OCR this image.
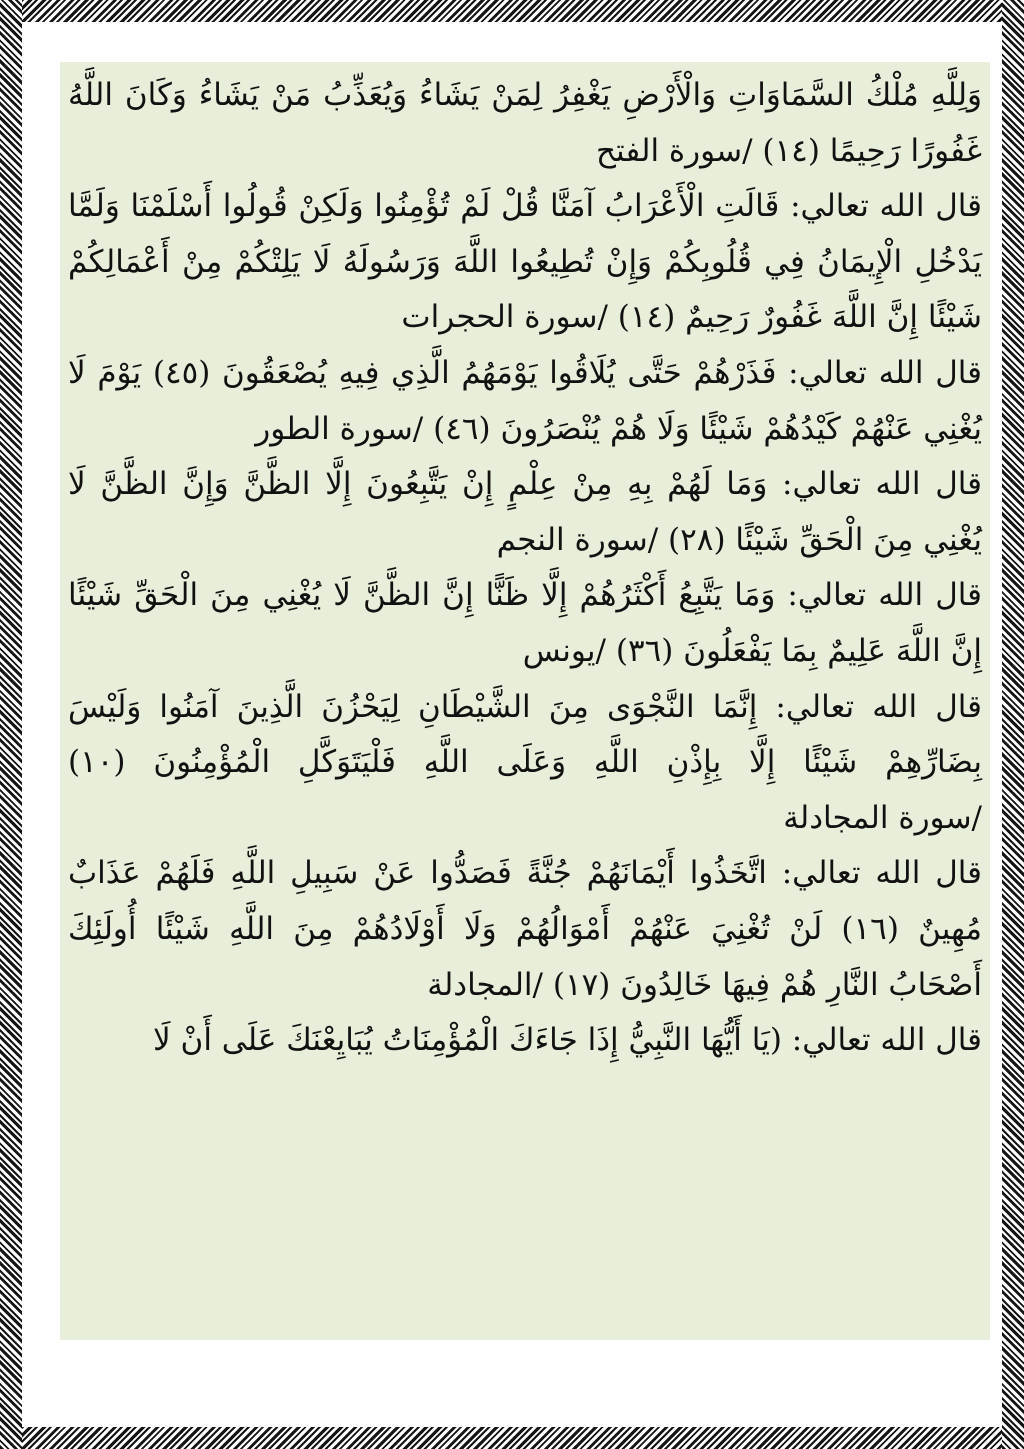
وَلِلَّهِ مُلْكُ السَّمَاوَاتِ وَالْأَرْضِ يَغْفِرُ لِمَنْ يَشَاءُ وَيُعَذِّبُ مَنْ يَشَاءُ وَكَانَ اللَّهُ غَفُورًا رَحِيمًا (١٤) /سورة الفتح

قال الله تعالي: قَالَتِ الْأَعْرَابُ آمَنَّا قُلْ لَمْ تُؤْمِنُوا وَلَكِنْ قُولُوا أَسْلَمْنَا وَلَمَّا يَدْخُلِ الْإِيمَانُ فِي قُلُوبِكُمْ وَإِنْ تُطِيعُوا اللَّهَ وَرَسُولَهُ لَا يَلِتْكُمْ مِنْ أَعْمَالِكُمْ شَيْئًا إِنَّ اللَّهَ غَفُورٌ رَحِيمٌ (١٤) /سورة الحجرات

قال الله تعالي: فَذَرْهُمْ حَتَّى يُلَاقُوا يَوْمَهُمُ الَّذِي فِيهِ يُصْعَقُونَ (٤٥) يَوْمَ لَا يُغْنِي عَنْهُمْ كَيْدُهُمْ شَيْئًا وَلَا هُمْ يُنْصَرُونَ (٤٦) /سورة الطور

قال الله تعالي: وَمَا لَهُمْ بِهِ مِنْ عِلْمٍ إِنْ يَتَّبِعُونَ إِلَّا الظَّنَّ وَإِنَّ الظَّنَّ لَا يُغْنِي مِنَ الْحَقِّ شَيْئًا (٢٨) /سورة النجم

قال الله تعالي: وَمَا يَتَّبِعُ أَكْثَرُهُمْ إِلَّا ظَنًّا إِنَّ الظَّنَّ لَا يُغْنِي مِنَ الْحَقِّ شَيْئًا إِنَّ اللَّهَ عَلِيمٌ بِمَا يَفْعَلُونَ (٣٦) /يونس

قال الله تعالي: إِنَّمَا النَّجْوَى مِنَ الشَّيْطَانِ لِيَحْزُنَ الَّذِينَ آمَنُوا وَلَيْسَ بِضَارِّهِمْ شَيْئًا إِلَّا بِإِذْنِ اللَّهِ وَعَلَى اللَّهِ فَلْيَتَوَكَّلِ الْمُؤْمِنُونَ (١٠) /سورة المجادلة

قال الله تعالي: اتَّخَذُوا أَيْمَانَهُمْ جُنَّةً فَصَدُّوا عَنْ سَبِيلِ اللَّهِ فَلَهُمْ عَذَابٌ مُهِينٌ (١٦) لَنْ تُغْنِيَ عَنْهُمْ أَمْوَالُهُمْ وَلَا أَوْلَادُهُمْ مِنَ اللَّهِ شَيْئًا أُولَئِكَ أَصْحَابُ النَّارِ هُمْ فِيهَا خَالِدُونَ (١٧) /المجادلة

قال الله تعالي: (يَا أَيُّهَا النَّبِيُّ إِذَا جَاءَكَ الْمُؤْمِنَاتُ يُبَايِعْنَكَ عَلَى أَنْ لَا
